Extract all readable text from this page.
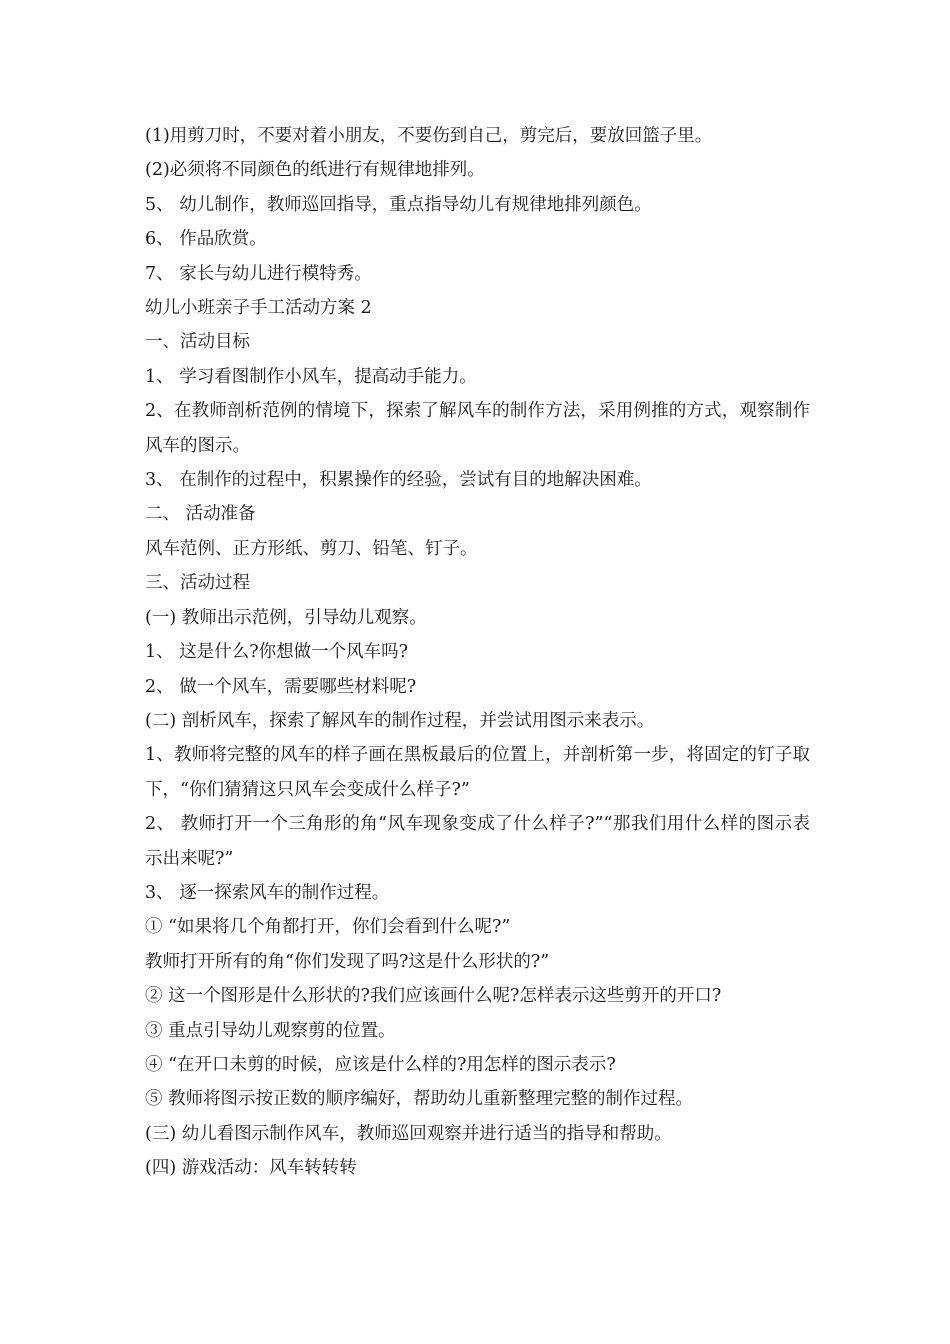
(1)用剪刀时，不要对着小朋友，不要伤到自己，剪完后，要放回篮子里。

(2)必须将不同颜色的纸进行有规律地排列。

5、 幼儿制作，教师巡回指导，重点指导幼儿有规律地排列颜色。

6、 作品欣赏。

7、 家长与幼儿进行模特秀。

幼儿小班亲子手工活动方案 2

一、活动目标

1、 学习看图制作小风车，提高动手能力。

2、在教师剖析范例的情境下，探索了解风车的制作方法，采用例推的方式，观察制作风车的图示。

3、 在制作的过程中，积累操作的经验，尝试有目的地解决困难。

二、 活动准备

风车范例、正方形纸、剪刀、铅笔、钉子。

三、活动过程

(一) 教师出示范例，引导幼儿观察。

1、 这是什么?你想做一个风车吗?

2、 做一个风车，需要哪些材料呢?

(二) 剖析风车，探索了解风车的制作过程，并尝试用图示来表示。

1、教师将完整的风车的样子画在黑板最后的位置上，并剖析第一步，将固定的钉子取下，“你们猜猜这只风车会变成什么样子?”

2、 教师打开一个三角形的角“风车现象变成了什么样子?”“那我们用什么样的图示表示出来呢?”

3、 逐一探索风车的制作过程。

① “如果将几个角都打开，你们会看到什么呢?”

教师打开所有的角“你们发现了吗?这是什么形状的?”

② 这一个图形是什么形状的?我们应该画什么呢?怎样表示这些剪开的开口?

③ 重点引导幼儿观察剪的位置。

④ “在开口未剪的时候，应该是什么样的?用怎样的图示表示?

⑤ 教师将图示按正数的顺序编好，帮助幼儿重新整理完整的制作过程。

(三) 幼儿看图示制作风车，教师巡回观察并进行适当的指导和帮助。

(四) 游戏活动：风车转转转
